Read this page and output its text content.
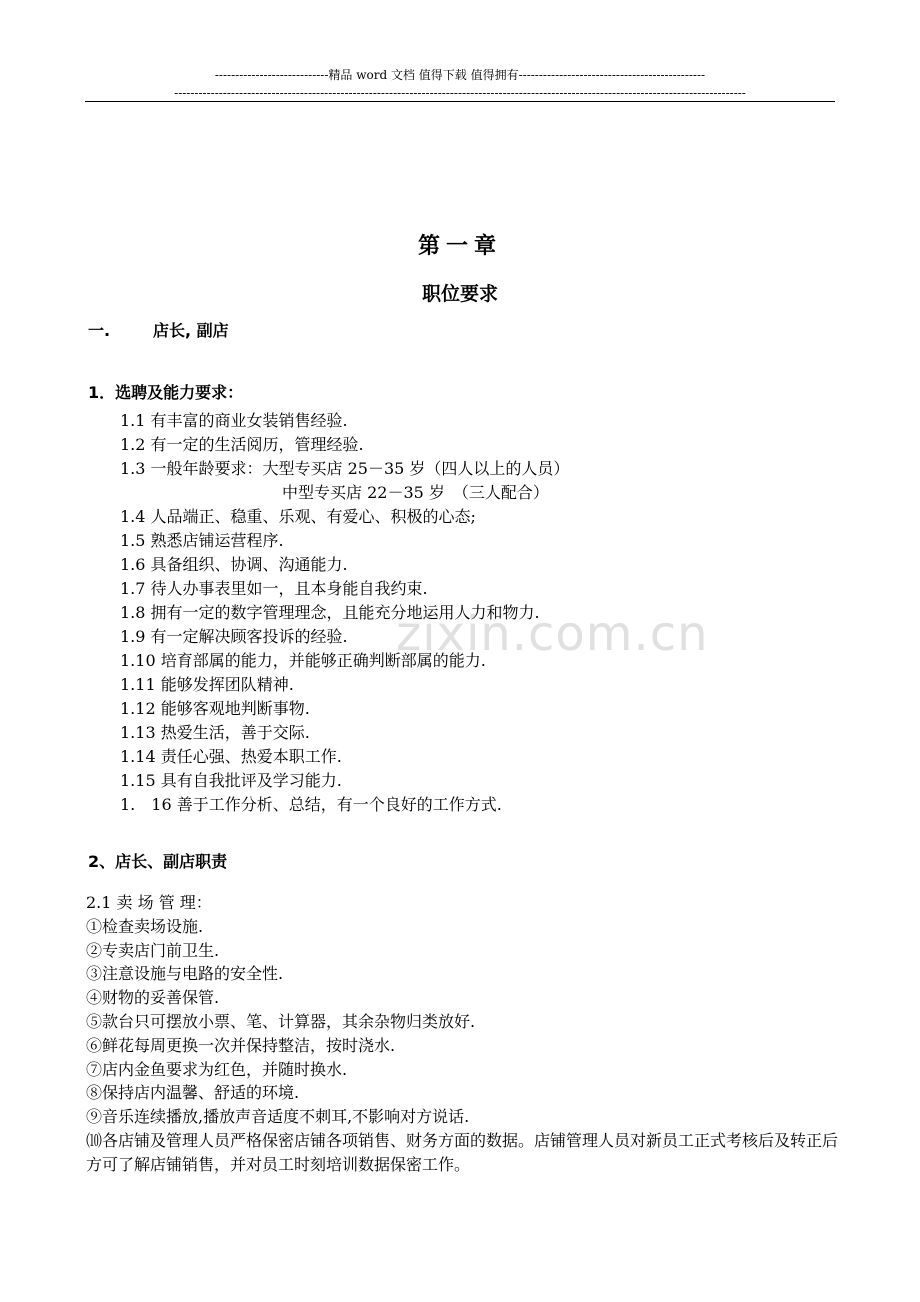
----------------------------精品 word 文档 值得下载 值得拥有----------------------------------------------
---------------------------------------------------------------------------------------------------------------------------------------------
zixin.com.cn
第一章
职位要求
一.	店长, 副店
1．选聘及能力要求：
1.1 有丰富的商业女装销售经验.
1.2 有一定的生活阅历，管理经验.
1.3 一般年龄要求：大型专买店 25－35 岁（四人以上的人员）
中型专买店 22－35 岁　（三人配合）
1.4 人品端正、稳重、乐观、有爱心、积极的心态;
1.5 熟悉店铺运营程序.
1.6 具备组织、协调、沟通能力.
1.7 待人办事表里如一，且本身能自我约束.
1.8 拥有一定的数字管理理念，且能充分地运用人力和物力.
1.9 有一定解决顾客投诉的经验.
1.10 培育部属的能力，并能够正确判断部属的能力.
1.11 能够发挥团队精神.
1.12 能够客观地判断事物.
1.13 热爱生活，善于交际.
1.14 责任心强、热爱本职工作.
1.15 具有自我批评及学习能力.
1.　16 善于工作分析、总结，有一个良好的工作方式.
2、店长、副店职责
2.1 卖 场 管 理：
①检查卖场设施.
②专卖店门前卫生.
③注意设施与电路的安全性.
④财物的妥善保管.
⑤款台只可摆放小票、笔、计算器，其余杂物归类放好.
⑥鲜花每周更换一次并保持整洁，按时浇水.
⑦店内金鱼要求为红色，并随时换水.
⑧保持店内温馨、舒适的环境.
⑨音乐连续播放,播放声音适度不刺耳,不影响对方说话.
⑽各店铺及管理人员严格保密店铺各项销售、财务方面的数据。店铺管理人员对新员工正式考核后及转正后方可了解店铺销售，并对员工时刻培训数据保密工作。
